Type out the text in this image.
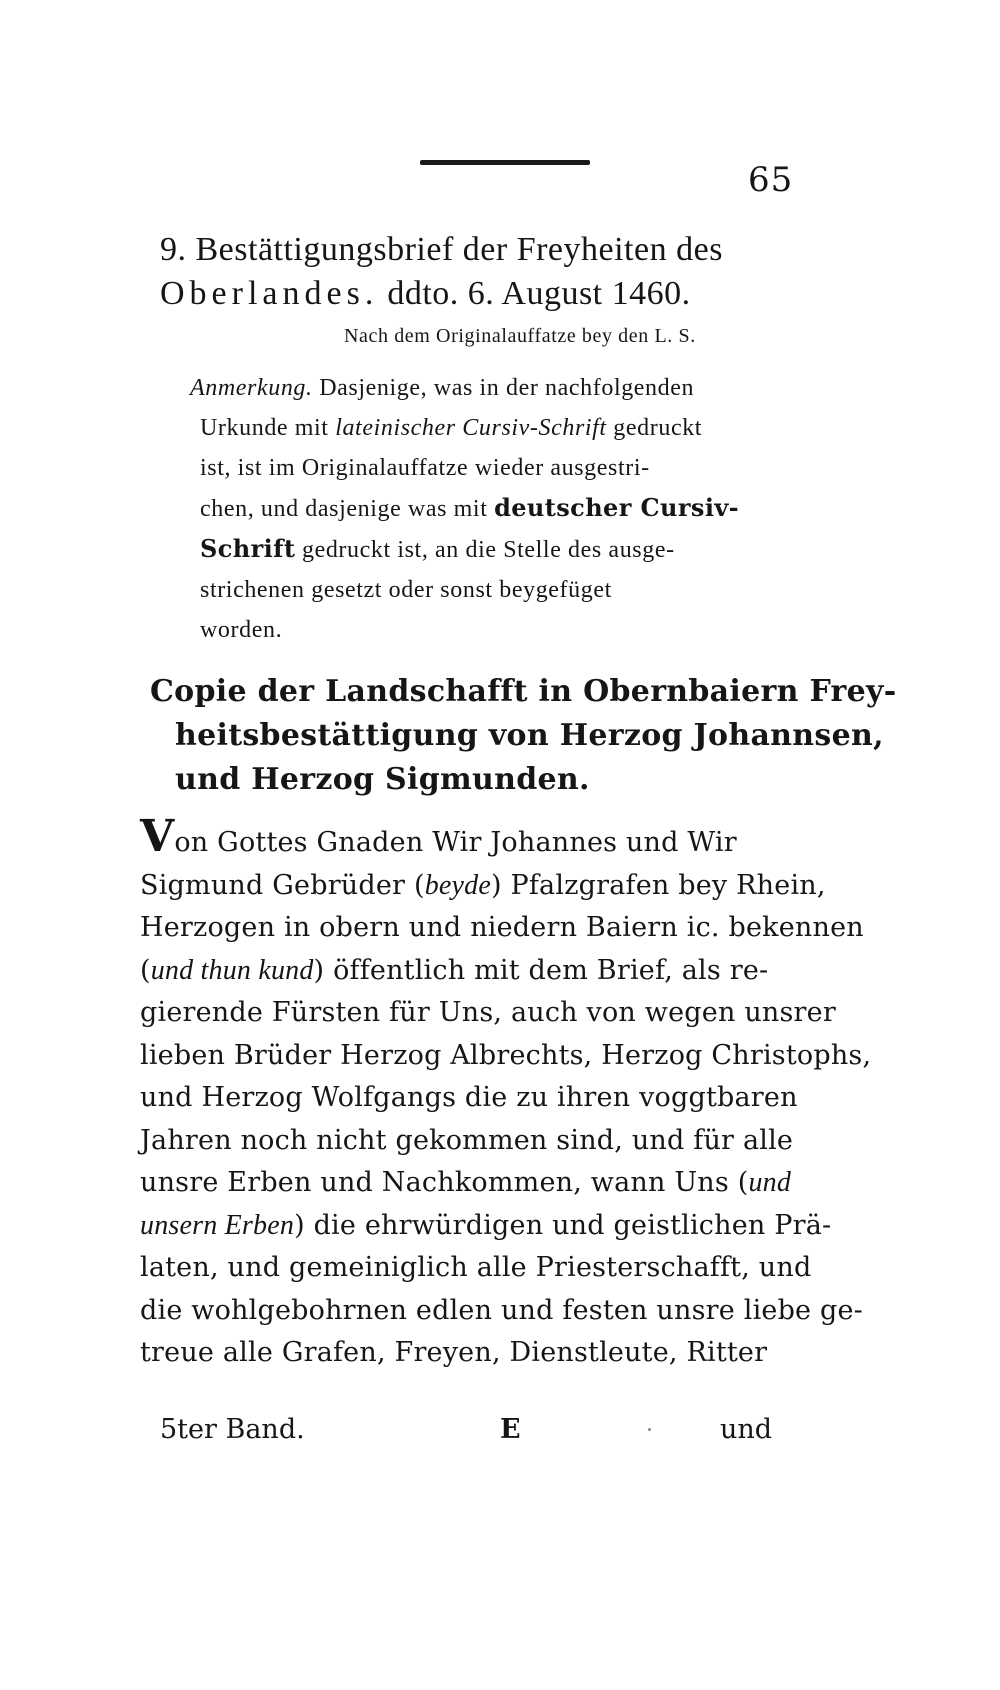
65
9. Bestättigungsbrief der Freyheiten des
Oberlandes. ddto. 6. August 1460.
Nach dem Originalauffatze bey den L. S.
Anmerkung. Dasjenige, was in der nachfolgenden
Urkunde mit lateinischer Cursiv-Schrift gedruckt
ist, ist im Originalauffatze wieder ausgestri-
chen, und dasjenige was mit deutscher Cursiv-
Schrift gedruckt ist, an die Stelle des ausge-
strichenen gesetzt oder sonst beygefüget
worden.
Copie der Landschafft in Obernbaiern Frey-
heitsbestättigung von Herzog Johannsen,
und Herzog Sigmunden.
Von Gottes Gnaden Wir Johannes und Wir
Sigmund Gebrüder (beyde) Pfalzgrafen bey Rhein,
Herzogen in obern und niedern Baiern ic. bekennen
(und thun kund) öffentlich mit dem Brief, als re-
gierende Fürsten für Uns, auch von wegen unsrer
lieben Brüder Herzog Albrechts, Herzog Christophs,
und Herzog Wolfgangs die zu ihren voggtbaren
Jahren noch nicht gekommen sind, und für alle
unsre Erben und Nachkommen, wann Uns (und
unsern Erben) die ehrwürdigen und geistlichen Prä-
laten, und gemeiniglich alle Priesterschafft, und
die wohlgebohrnen edlen und festen unsre liebe ge-
treue alle Grafen, Freyen, Dienstleute, Ritter
5ter Band.	E	und
